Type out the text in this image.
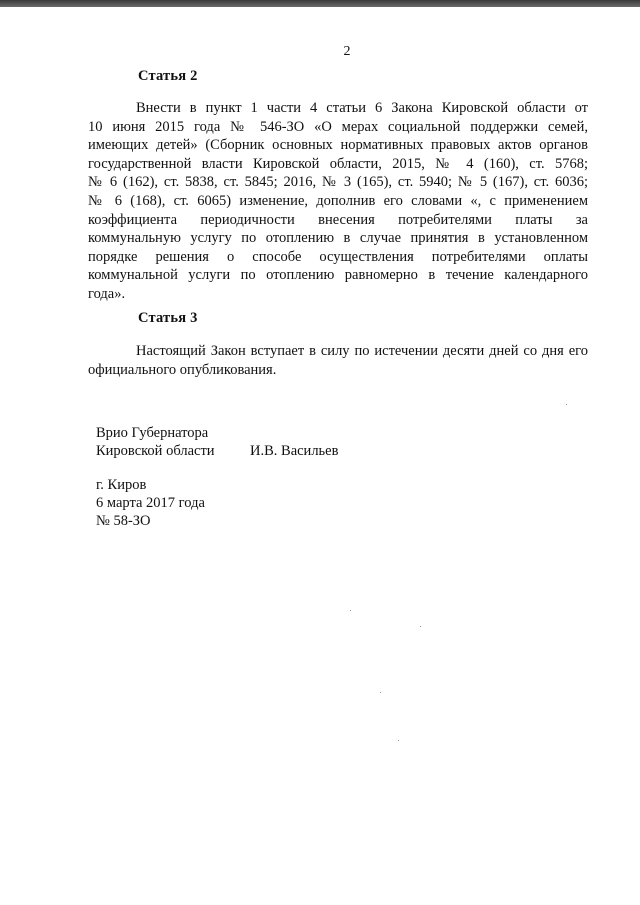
2
Статья 2
Внести в пункт 1 части 4 статьи 6 Закона Кировской области от
10 июня 2015 года № 546-ЗО «О мерах социальной поддержки семей,
имеющих детей» (Сборник основных нормативных правовых актов органов
государственной власти Кировской области, 2015, № 4 (160), ст. 5768;
№ 6 (162), ст. 5838, ст. 5845; 2016, № 3 (165), ст. 5940; № 5 (167), ст. 6036;
№ 6 (168), ст. 6065) изменение, дополнив его словами «, с применением
коэффициента периодичности внесения потребителями платы за
коммунальную услугу по отоплению в случае принятия в установленном
порядке решения о способе осуществления потребителями оплаты
коммунальной услуги по отоплению равномерно в течение календарного
года».
Статья 3
Настоящий Закон вступает в силу по истечении десяти дней со дня его
официального опубликования.
Врио Губернатора
Кировской области И.В. Васильев
г. Киров
6 марта 2017 года
№ 58-ЗО
